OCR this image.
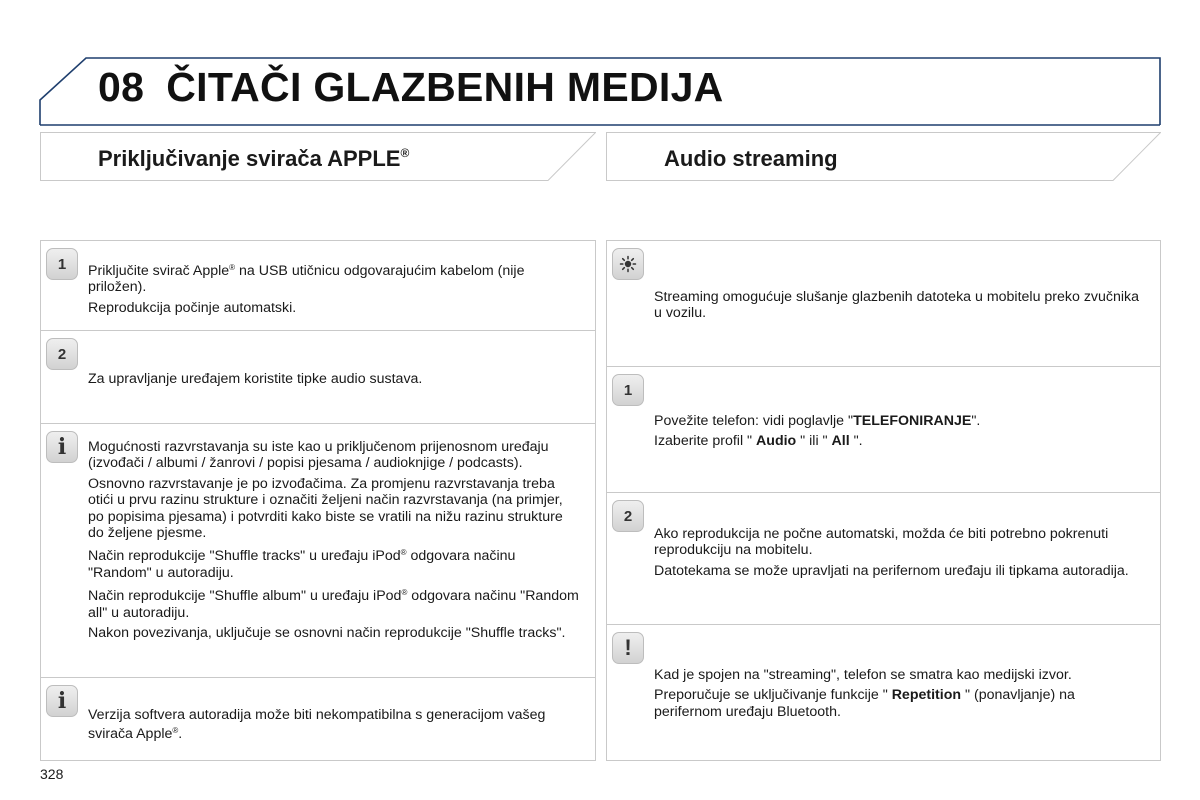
08 ČITAČI GLAZBENIH MEDIJA
Priključivanje svirača APPLE®	Audio streaming
1	Priključite svirač Apple® na USB utičnicu odgovarajućim kabelom (nije priložen).

Reprodukcija počinje automatski.

2

Za upravljanje uređajem koristite tipke audio sustava.

i	Mogućnosti razvrstavanja su iste kao u priključenom prijenosnom uređaju (izvođači / albumi / žanrovi / popisi pjesama / audioknjige / podcasts).

Osnovno razvrstavanje je po izvođačima. Za promjenu razvrstavanja treba otići u prvu razinu strukture i označiti željeni način razvrstavanja (na primjer, po popisima pjesama) i potvrditi kako biste se vratili na nižu razinu strukture do željene pjesme.

Način reprodukcije "Shuffle tracks" u uređaju iPod® odgovara načinu "Random" u autoradiju.

Način reprodukcije "Shuffle album" u uređaju iPod® odgovara načinu "Random all" u autoradiju.

Nakon povezivanja, uključuje se osnovni način reprodukcije "Shuffle tracks".

i

Verzija softvera autoradija može biti nekompatibilna s generacijom vašeg svirača Apple®.

Streaming omogućuje slušanje glazbenih datoteka u mobitelu preko zvučnika u vozilu.

1

Povežite telefon: vidi poglavlje "TELEFONIRANJE".

Izaberite profil " Audio " ili " All ".

2

Ako reprodukcija ne počne automatski, možda će biti potrebno pokrenuti reprodukciju na mobitelu.

Datotekama se može upravljati na perifernom uređaju ili tipkama autoradija.

!

Kad je spojen na "streaming", telefon se smatra kao medijski izvor.

Preporučuje se uključivanje funkcije " Repetition " (ponavljanje) na perifernom uređaju Bluetooth.

328
